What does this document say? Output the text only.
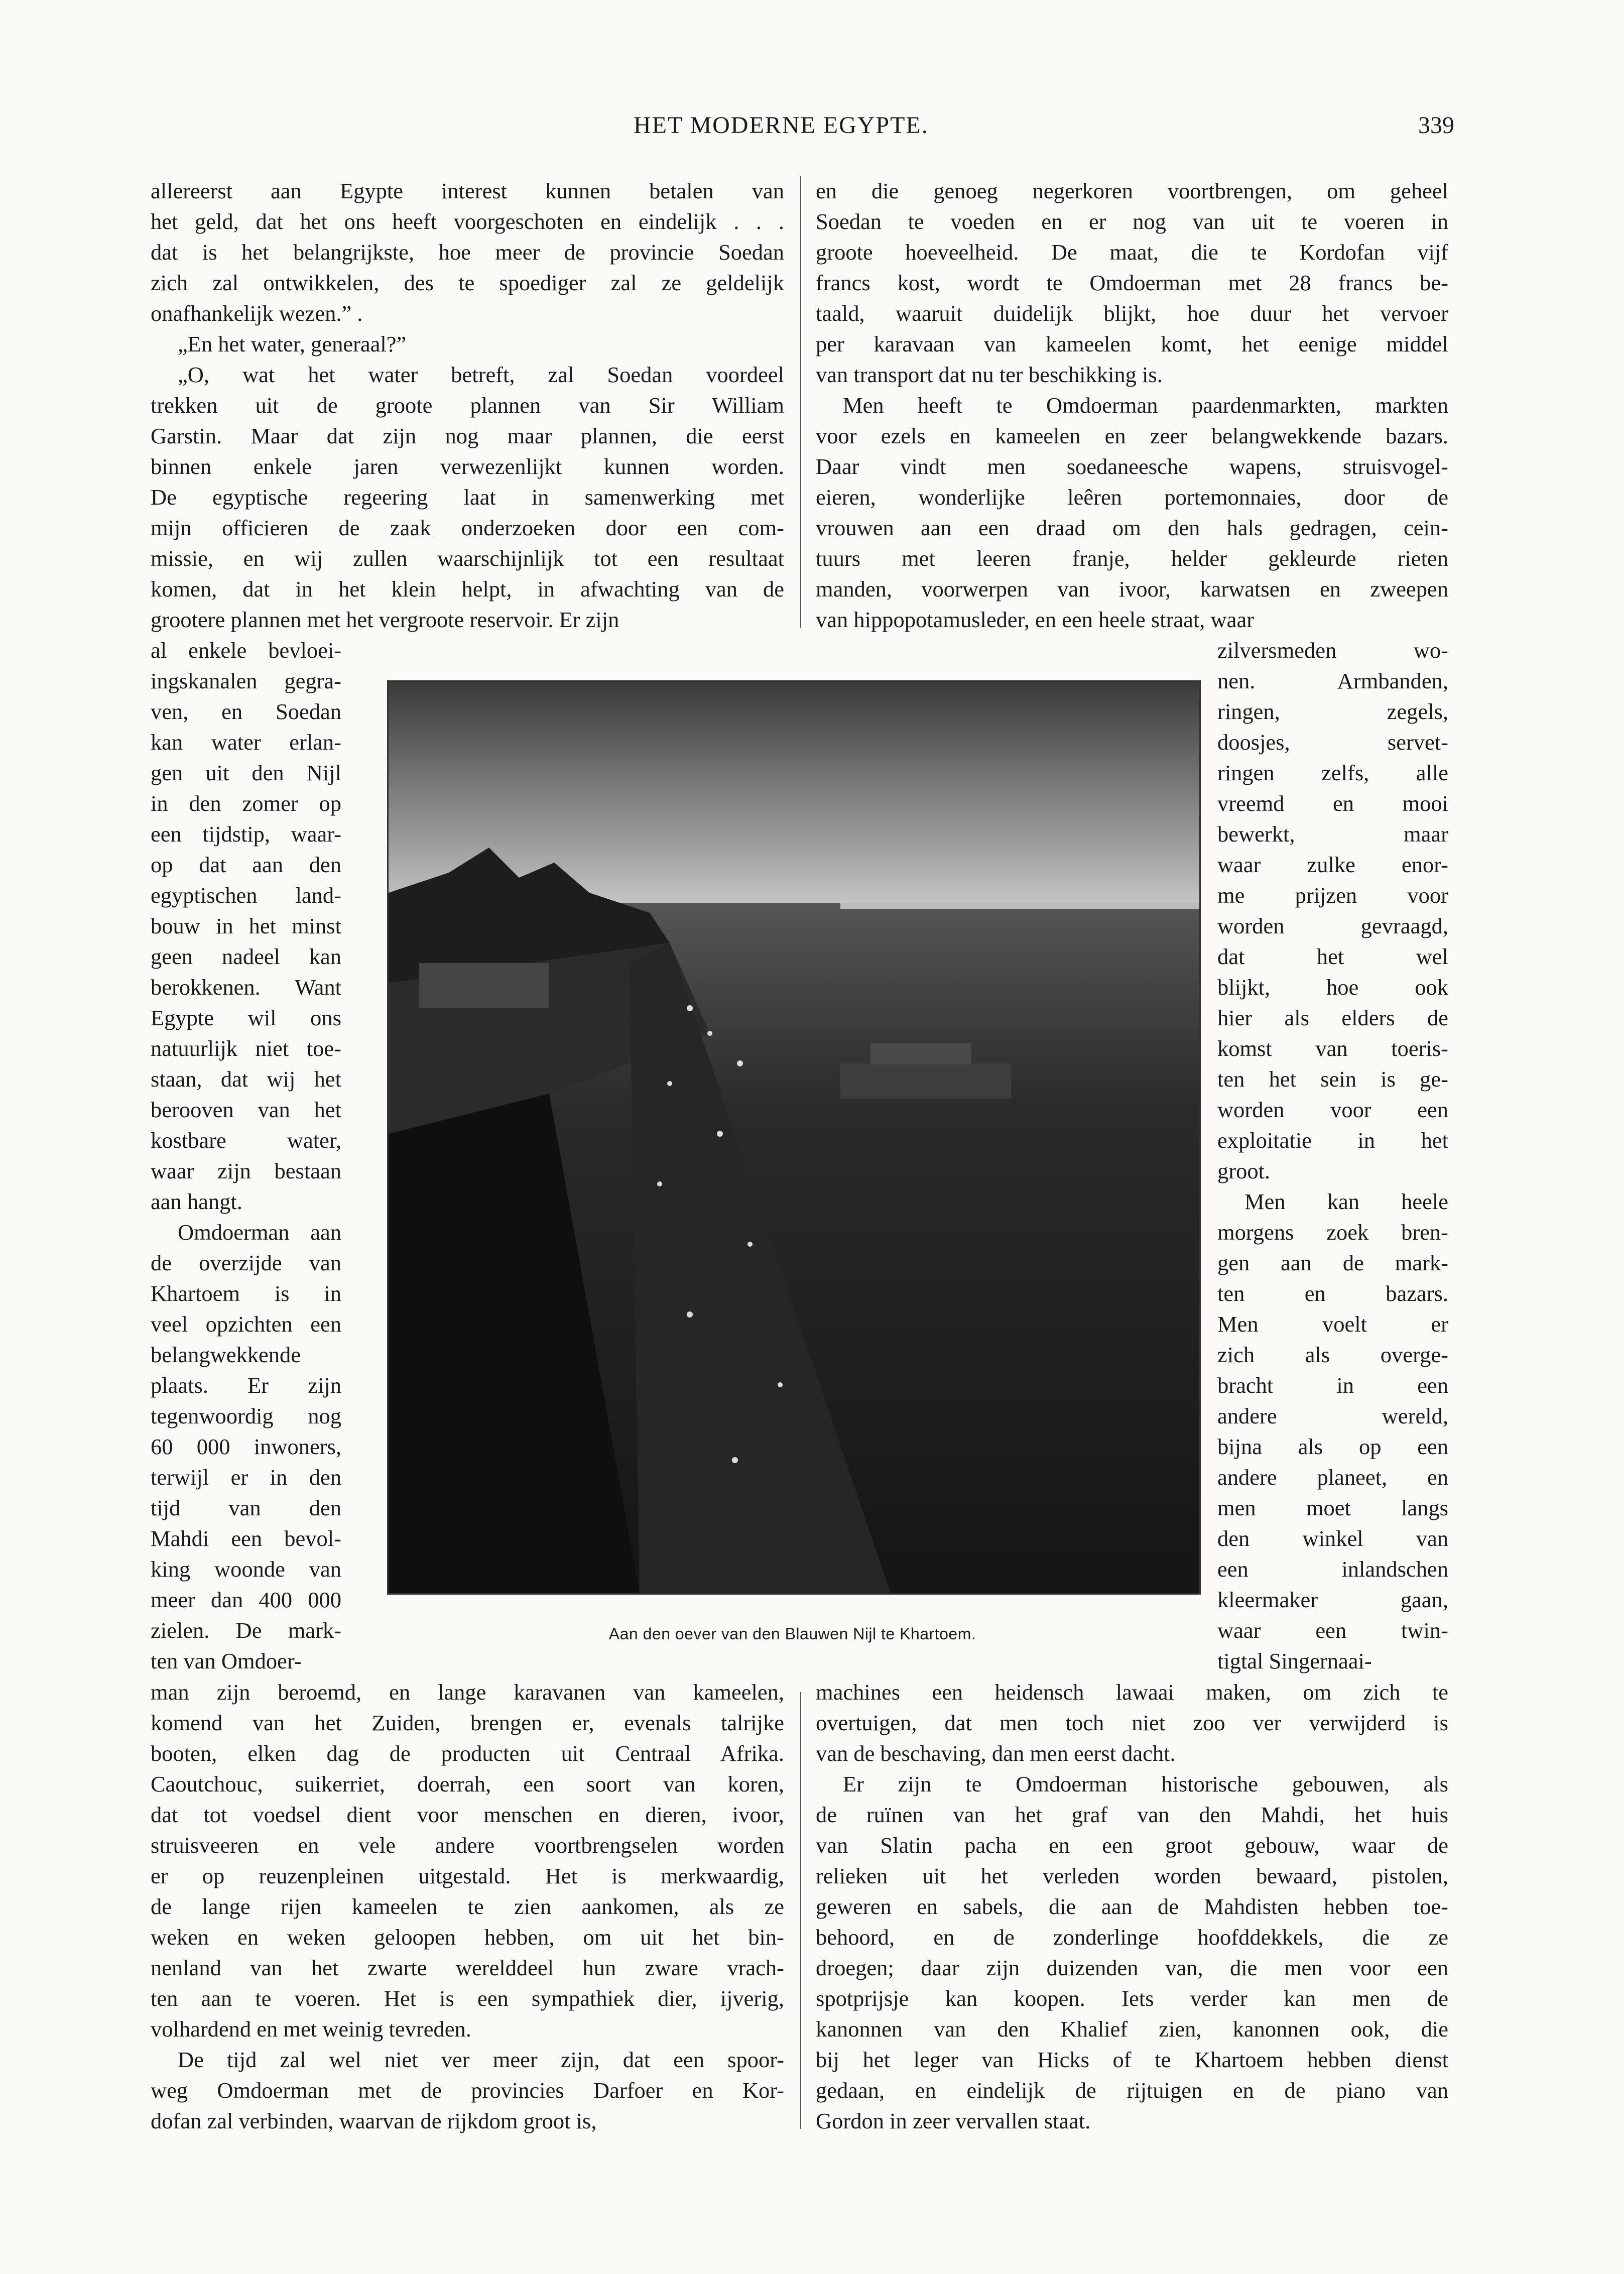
HET MODERNE EGYPTE.	339
allereerst aan Egypte interest kunnen betalen van
het geld, dat het ons heeft voorgeschoten en eindelijk . . .
dat is het belangrijkste, hoe meer de provincie Soedan
zich zal ontwikkelen, des te spoediger zal ze geldelijk
onafhankelijk wezen.” .
„En het water, generaal?”
„O, wat het water betreft, zal Soedan voordeel
trekken uit de groote plannen van Sir William
Garstin. Maar dat zijn nog maar plannen, die eerst
binnen enkele jaren verwezenlijkt kunnen worden.
De egyptische regeering laat in samenwerking met
mijn officieren de zaak onderzoeken door een com-
missie, en wij zullen waarschijnlijk tot een resultaat
komen, dat in het klein helpt, in afwachting van de
grootere plannen met het vergroote reservoir. Er zijn
en die genoeg negerkoren voortbrengen, om geheel
Soedan te voeden en er nog van uit te voeren in
groote hoeveelheid. De maat, die te Kordofan vijf
francs kost, wordt te Omdoerman met 28 francs be-
taald, waaruit duidelijk blijkt, hoe duur het vervoer
per karavaan van kameelen komt, het eenige middel
van transport dat nu ter beschikking is.
Men heeft te Omdoerman paardenmarkten, markten
voor ezels en kameelen en zeer belangwekkende bazars.
Daar vindt men soedaneesche wapens, struisvogel-
eieren, wonderlijke leêren portemonnaies, door de
vrouwen aan een draad om den hals gedragen, cein-
tuurs met leeren franje, helder gekleurde rieten
manden, voorwerpen van ivoor, karwatsen en zweepen
van hippopotamusleder, en een heele straat, waar
al enkele bevloei-
ingskanalen gegra-
ven, en Soedan
kan water erlan-
gen uit den Nijl
in den zomer op
een tijdstip, waar-
op dat aan den
egyptischen land-
bouw in het minst
geen nadeel kan
berokkenen. Want
Egypte wil ons
natuurlijk niet toe-
staan, dat wij het
berooven van het
kostbare water,
waar zijn bestaan
aan hangt.
Omdoerman aan
de overzijde van
Khartoem is in
veel opzichten een
belangwekkende
plaats. Er zijn
tegenwoordig nog
60 000 inwoners,
terwijl er in den
tijd van den
Mahdi een bevol-
king woonde van
meer dan 400 000
zielen. De mark-
ten van Omdoer-
Aan den oever van den Blauwen Nijl te Khartoem.
zilversmeden wo-
nen. Armbanden,
ringen, zegels,
doosjes, servet-
ringen zelfs, alle
vreemd en mooi
bewerkt, maar
waar zulke enor-
me prijzen voor
worden gevraagd,
dat het wel
blijkt, hoe ook
hier als elders de
komst van toeris-
ten het sein is ge-
worden voor een
exploitatie in het
groot.
Men kan heele
morgens zoek bren-
gen aan de mark-
ten en bazars.
Men voelt er
zich als overge-
bracht in een
andere wereld,
bijna als op een
andere planeet, en
men moet langs
den winkel van
een inlandschen
kleermaker gaan,
waar een twin-
tigtal Singernaai-
man zijn beroemd, en lange karavanen van kameelen,
komend van het Zuiden, brengen er, evenals talrijke
booten, elken dag de producten uit Centraal Afrika.
Caoutchouc, suikerriet, doerrah, een soort van koren,
dat tot voedsel dient voor menschen en dieren, ivoor,
struisveeren en vele andere voortbrengselen worden
er op reuzenpleinen uitgestald. Het is merkwaardig,
de lange rijen kameelen te zien aankomen, als ze
weken en weken geloopen hebben, om uit het bin-
nenland van het zwarte werelddeel hun zware vrach-
ten aan te voeren. Het is een sympathiek dier, ijverig,
volhardend en met weinig tevreden.
De tijd zal wel niet ver meer zijn, dat een spoor-
weg Omdoerman met de provincies Darfoer en Kor-
dofan zal verbinden, waarvan de rijkdom groot is,
machines een heidensch lawaai maken, om zich te
overtuigen, dat men toch niet zoo ver verwijderd is
van de beschaving, dan men eerst dacht.
Er zijn te Omdoerman historische gebouwen, als
de ruïnen van het graf van den Mahdi, het huis
van Slatin pacha en een groot gebouw, waar de
relieken uit het verleden worden bewaard, pistolen,
geweren en sabels, die aan de Mahdisten hebben toe-
behoord, en de zonderlinge hoofddekkels, die ze
droegen; daar zijn duizenden van, die men voor een
spotprijsje kan koopen. Iets verder kan men de
kanonnen van den Khalief zien, kanonnen ook, die
bij het leger van Hicks of te Khartoem hebben dienst
gedaan, en eindelijk de rijtuigen en de piano van
Gordon in zeer vervallen staat.
